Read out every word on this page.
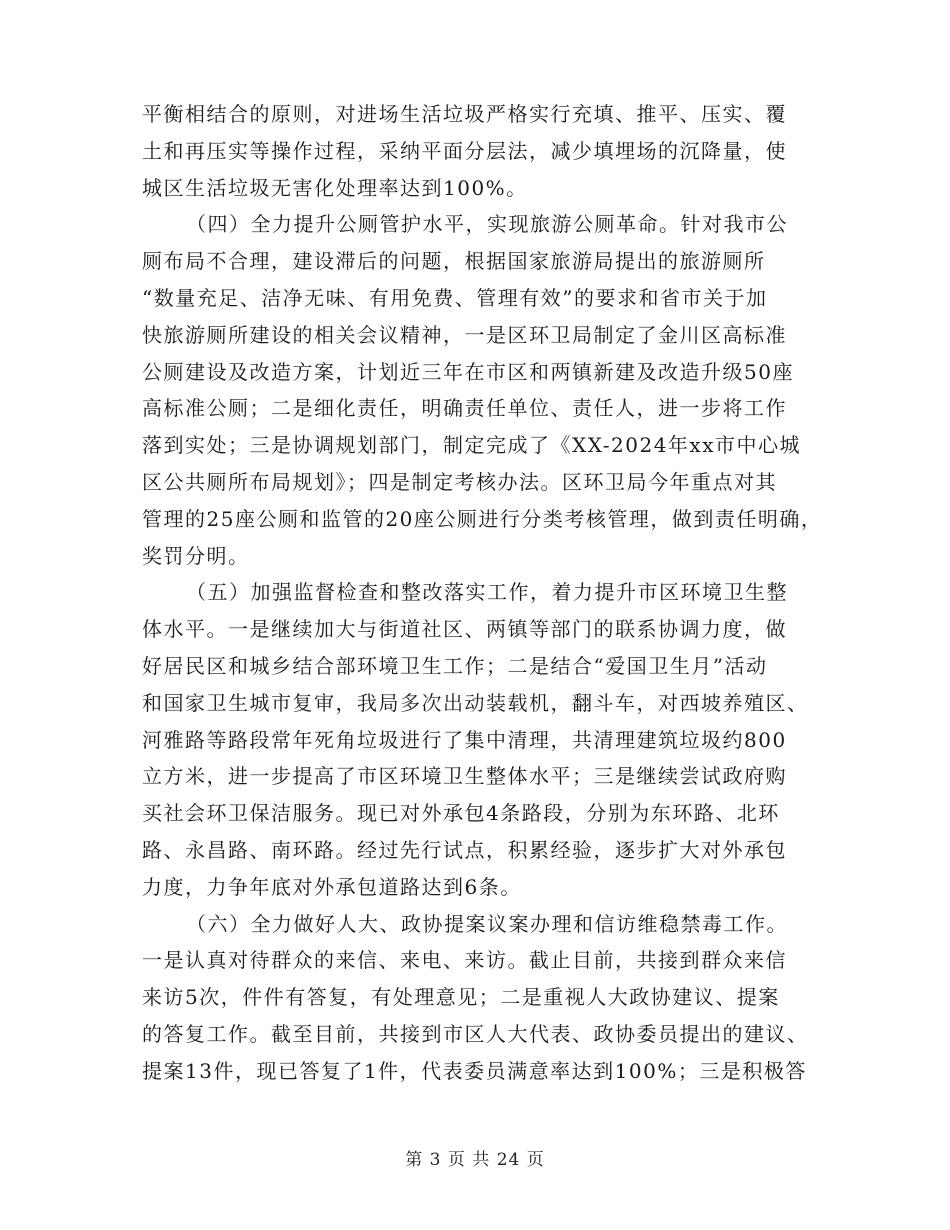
平衡相结合的原则，对进场生活垃圾严格实行充填、推平、压实、覆
土和再压实等操作过程，采纳平面分层法，减少填埋场的沉降量，使
城区生活垃圾无害化处理率达到100%。
（四）全力提升公厕管护水平，实现旅游公厕革命。针对我市公
厕布局不合理，建设滞后的问题，根据国家旅游局提出的旅游厕所
“数量充足、洁净无味、有用免费、管理有效”的要求和省市关于加
快旅游厕所建设的相关会议精神，一是区环卫局制定了金川区高标准
公厕建设及改造方案，计划近三年在市区和两镇新建及改造升级50座
高标准公厕；二是细化责任，明确责任单位、责任人，进一步将工作
落到实处；三是协调规划部门，制定完成了《XX-2024年xx市中心城
区公共厕所布局规划》；四是制定考核办法。区环卫局今年重点对其
管理的25座公厕和监管的20座公厕进行分类考核管理，做到责任明确，
奖罚分明。
（五）加强监督检查和整改落实工作，着力提升市区环境卫生整
体水平。一是继续加大与街道社区、两镇等部门的联系协调力度，做
好居民区和城乡结合部环境卫生工作；二是结合“爱国卫生月”活动
和国家卫生城市复审，我局多次出动装载机，翻斗车，对西坡养殖区、
河雅路等路段常年死角垃圾进行了集中清理，共清理建筑垃圾约800
立方米，进一步提高了市区环境卫生整体水平；三是继续尝试政府购
买社会环卫保洁服务。现已对外承包4条路段，分别为东环路、北环
路、永昌路、南环路。经过先行试点，积累经验，逐步扩大对外承包
力度，力争年底对外承包道路达到6条。
（六）全力做好人大、政协提案议案办理和信访维稳禁毒工作。
一是认真对待群众的来信、来电、来访。截止目前，共接到群众来信
来访5次，件件有答复，有处理意见；二是重视人大政协建议、提案
的答复工作。截至目前，共接到市区人大代表、政协委员提出的建议、
提案13件，现已答复了1件，代表委员满意率达到100%；三是积极答
第 3 页 共 24 页
